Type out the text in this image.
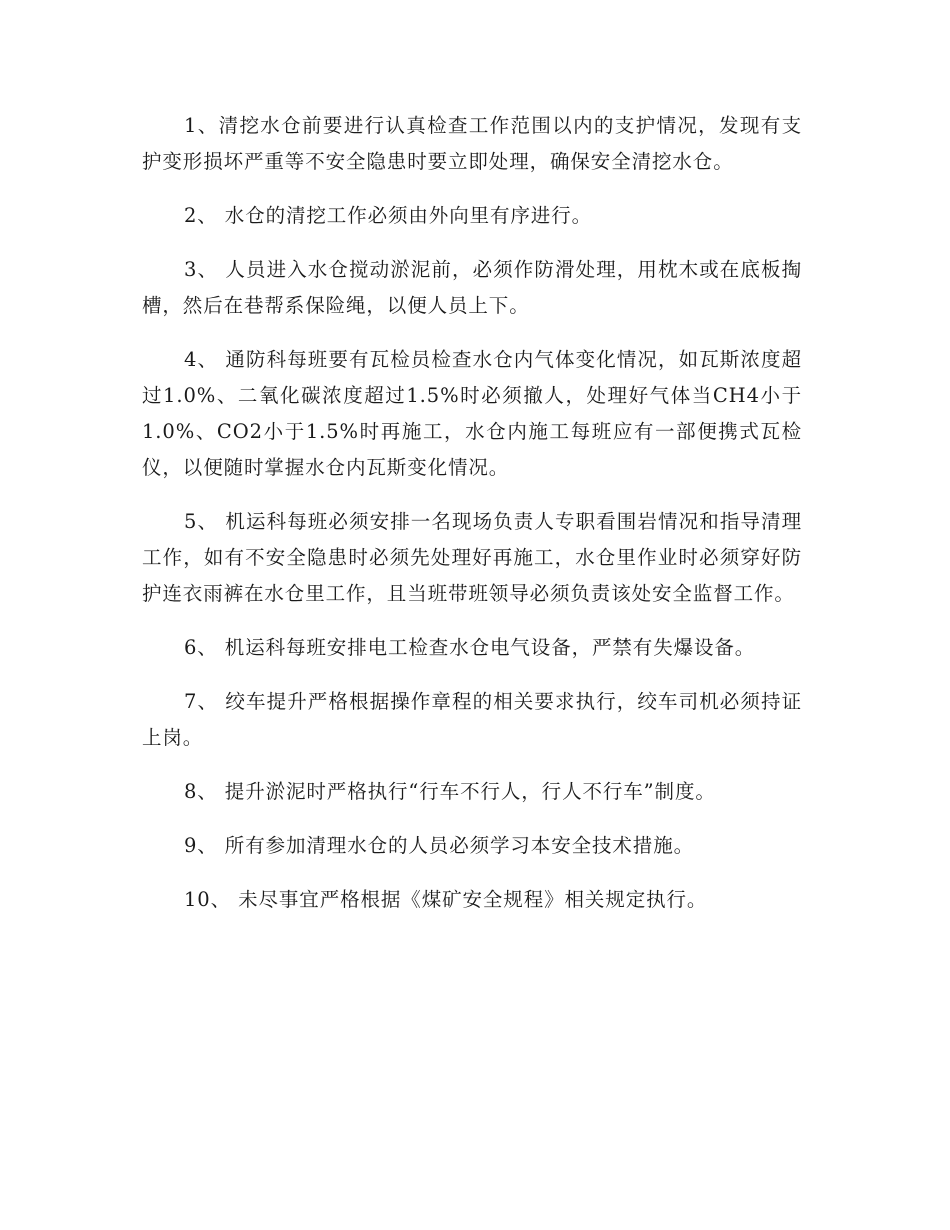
1、清挖水仓前要进行认真检查工作范围以内的支护情况，发现有支护变形损坏严重等不安全隐患时要立即处理，确保安全清挖水仓。

2、 水仓的清挖工作必须由外向里有序进行。

3、 人员进入水仓搅动淤泥前，必须作防滑处理，用枕木或在底板掏槽，然后在巷帮系保险绳，以便人员上下。

4、 通防科每班要有瓦检员检查水仓内气体变化情况，如瓦斯浓度超过1.0%、二氧化碳浓度超过1.5%时必须撤人，处理好气体当CH4小于1.0%、CO2小于1.5%时再施工，水仓内施工每班应有一部便携式瓦检仪，以便随时掌握水仓内瓦斯变化情况。

5、 机运科每班必须安排一名现场负责人专职看围岩情况和指导清理工作，如有不安全隐患时必须先处理好再施工，水仓里作业时必须穿好防护连衣雨裤在水仓里工作，且当班带班领导必须负责该处安全监督工作。

6、 机运科每班安排电工检查水仓电气设备，严禁有失爆设备。

7、 绞车提升严格根据操作章程的相关要求执行，绞车司机必须持证上岗。

8、 提升淤泥时严格执行“行车不行人，行人不行车”制度。

9、 所有参加清理水仓的人员必须学习本安全技术措施。

10、 未尽事宜严格根据《煤矿安全规程》相关规定执行。
